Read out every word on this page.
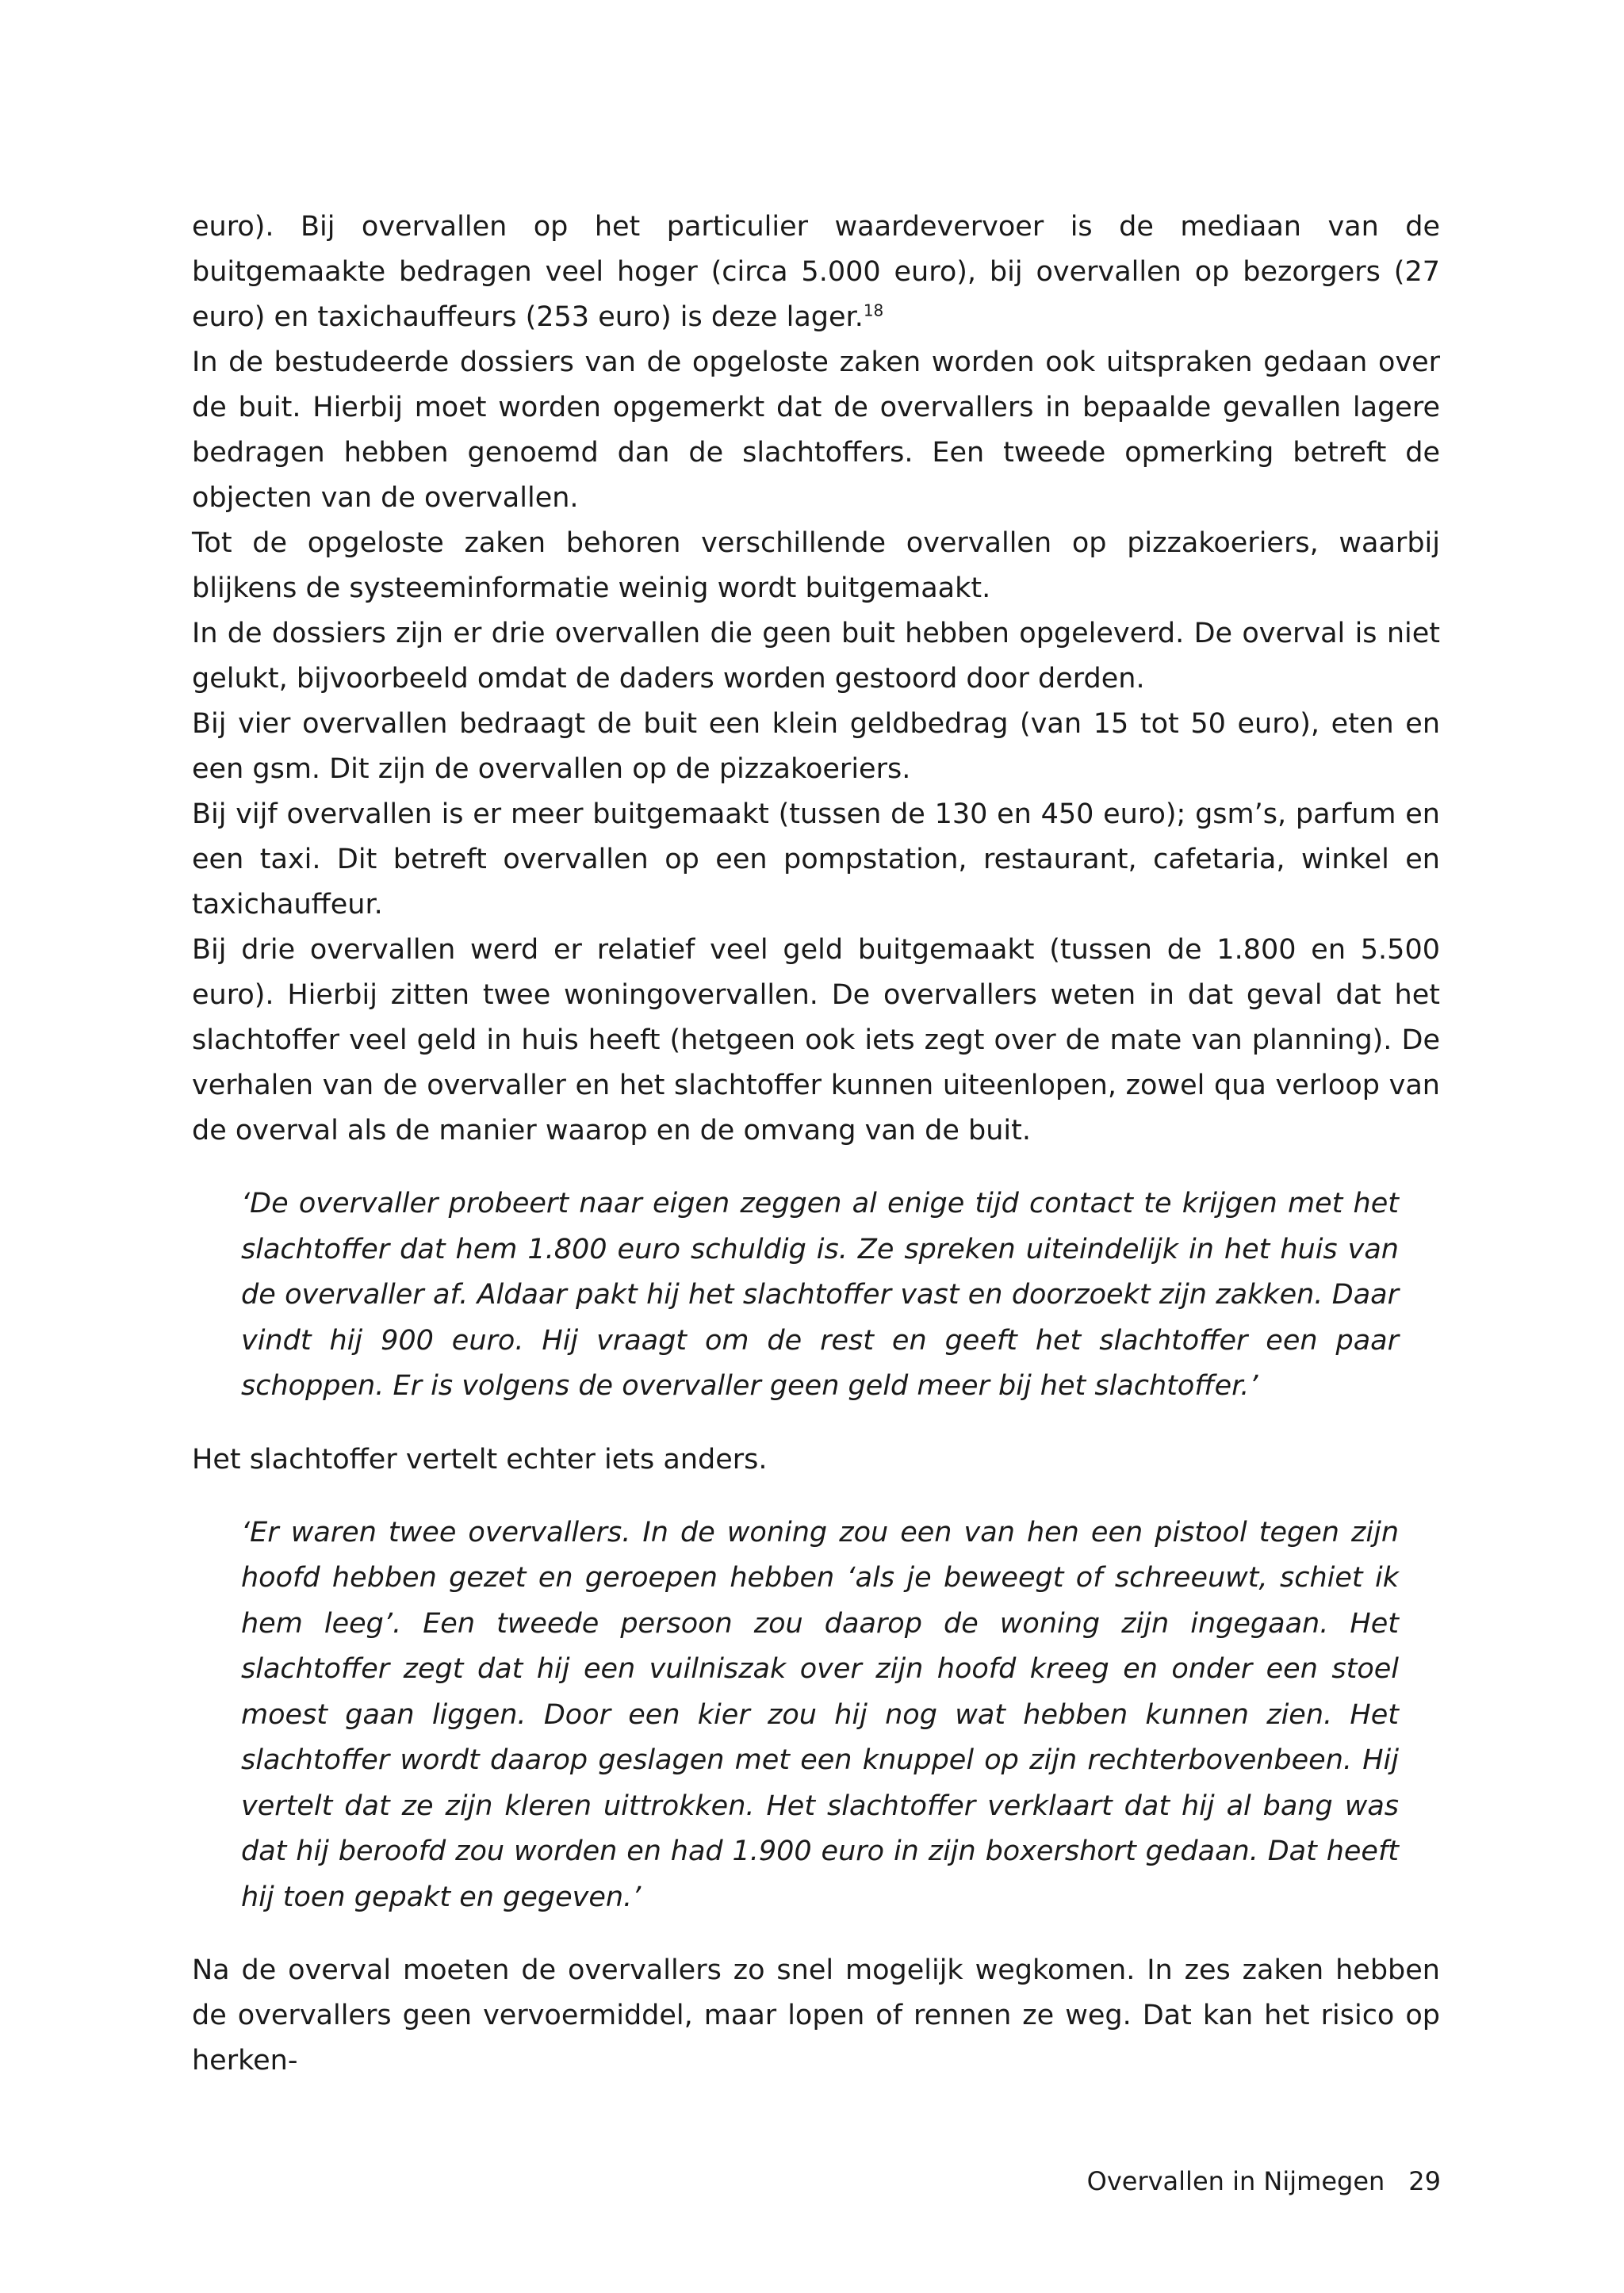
euro). Bij overvallen op het particulier waardevervoer is de mediaan van de buitgemaakte bedragen veel hoger (circa 5.000 euro), bij overvallen op bezorgers (27 euro) en taxichauffeurs (253 euro) is deze lager.$^{18}$

In de bestudeerde dossiers van de opgeloste zaken worden ook uitspraken gedaan over de buit. Hierbij moet worden opgemerkt dat de overvallers in bepaalde gevallen lagere bedragen hebben genoemd dan de slachtoffers. Een tweede opmerking betreft de objecten van de overvallen.

Tot de opgeloste zaken behoren verschillende overvallen op pizzakoeriers, waarbij blijkens de systeeminformatie weinig wordt buitgemaakt.

In de dossiers zijn er drie overvallen die geen buit hebben opgeleverd. De overval is niet gelukt, bijvoorbeeld omdat de daders worden gestoord door derden.

Bij vier overvallen bedraagt de buit een klein geldbedrag (van 15 tot 50 euro), eten en een gsm. Dit zijn de overvallen op de pizzakoeriers.

Bij vijf overvallen is er meer buitgemaakt (tussen de 130 en 450 euro); gsm’s, parfum en een taxi. Dit betreft overvallen op een pompstation, restaurant, cafetaria, winkel en taxichauffeur.

Bij drie overvallen werd er relatief veel geld buitgemaakt (tussen de 1.800 en 5.500 euro). Hierbij zitten twee woningovervallen. De overvallers weten in dat geval dat het slachtoffer veel geld in huis heeft (hetgeen ook iets zegt over de mate van planning). De verhalen van de overvaller en het slachtoffer kunnen uiteenlopen, zowel qua verloop van de overval als de manier waarop en de omvang van de buit.

‘De overvaller probeert naar eigen zeggen al enige tijd contact te krijgen met het slachtoffer dat hem 1.800 euro schuldig is. Ze spreken uiteindelijk in het huis van de overvaller af. Aldaar pakt hij het slachtoffer vast en doorzoekt zijn zakken. Daar vindt hij 900 euro. Hij vraagt om de rest en geeft het slachtoffer een paar schoppen. Er is volgens de overvaller geen geld meer bij het slachtoffer.’

Het slachtoffer vertelt echter iets anders.

‘Er waren twee overvallers. In de woning zou een van hen een pistool tegen zijn hoofd hebben gezet en geroepen hebben ‘als je beweegt of schreeuwt, schiet ik hem leeg’. Een tweede persoon zou daarop de woning zijn ingegaan. Het slachtoffer zegt dat hij een vuilniszak over zijn hoofd kreeg en onder een stoel moest gaan liggen. Door een kier zou hij nog wat hebben kunnen zien. Het slachtoffer wordt daarop geslagen met een knuppel op zijn rechterbovenbeen. Hij vertelt dat ze zijn kleren uittrokken. Het slachtoffer verklaart dat hij al bang was dat hij beroofd zou worden en had 1.900 euro in zijn boxershort gedaan. Dat heeft hij toen gepakt en gegeven.’

Na de overval moeten de overvallers zo snel mogelijk wegkomen. In zes zaken hebben de overvallers geen vervoermiddel, maar lopen of rennen ze weg. Dat kan het risico op herken-

Overvallen in Nijmegen 29
